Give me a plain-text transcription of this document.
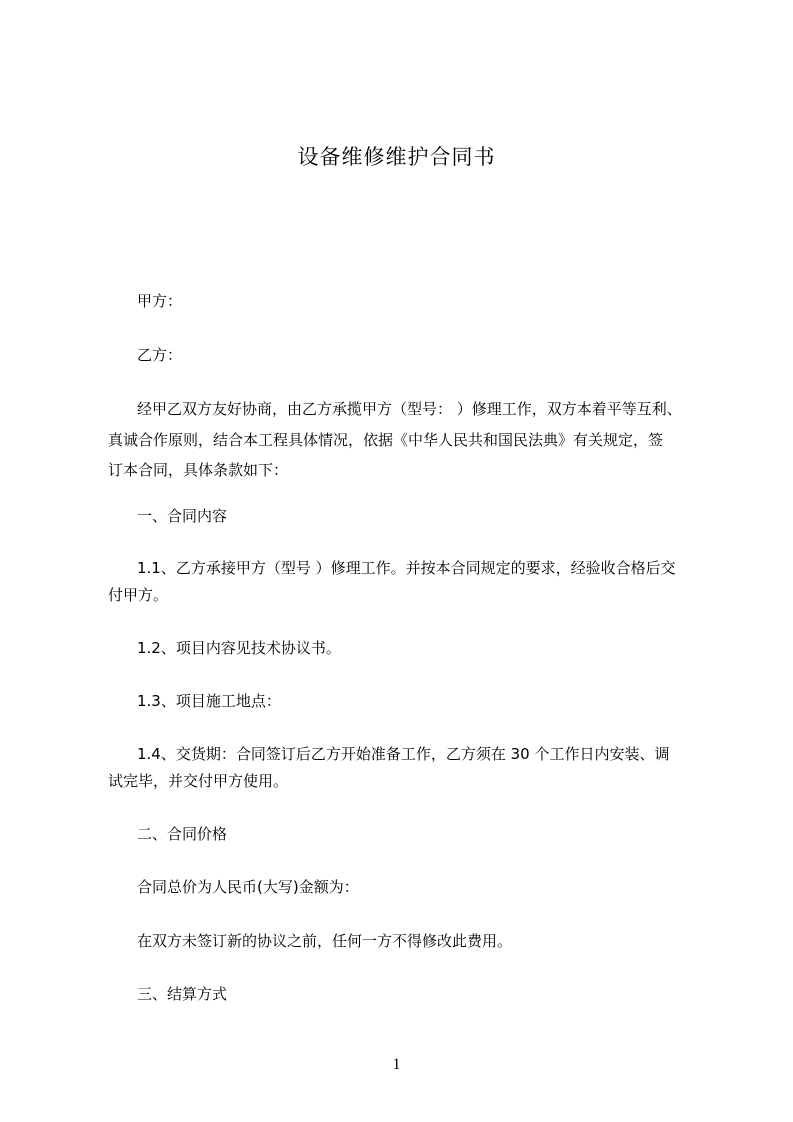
设备维修维护合同书
甲方：
乙方：
经甲乙双方友好协商，由乙方承揽甲方（型号： ）修理工作，双方本着平等互利、
真诚合作原则，结合本工程具体情况，依据《中华人民共和国民法典》有关规定，签
订本合同，具体条款如下：
一、合同内容
1.1、乙方承接甲方（型号 ）修理工作。并按本合同规定的要求，经验收合格后交
付甲方。
1.2、项目内容见技术协议书。
1.3、项目施工地点：
1.4、交货期：合同签订后乙方开始准备工作，乙方须在 30 个工作日内安装、调
试完毕，并交付甲方使用。
二、合同价格
合同总价为人民币(大写)金额为：
在双方未签订新的协议之前，任何一方不得修改此费用。
三、结算方式
1
